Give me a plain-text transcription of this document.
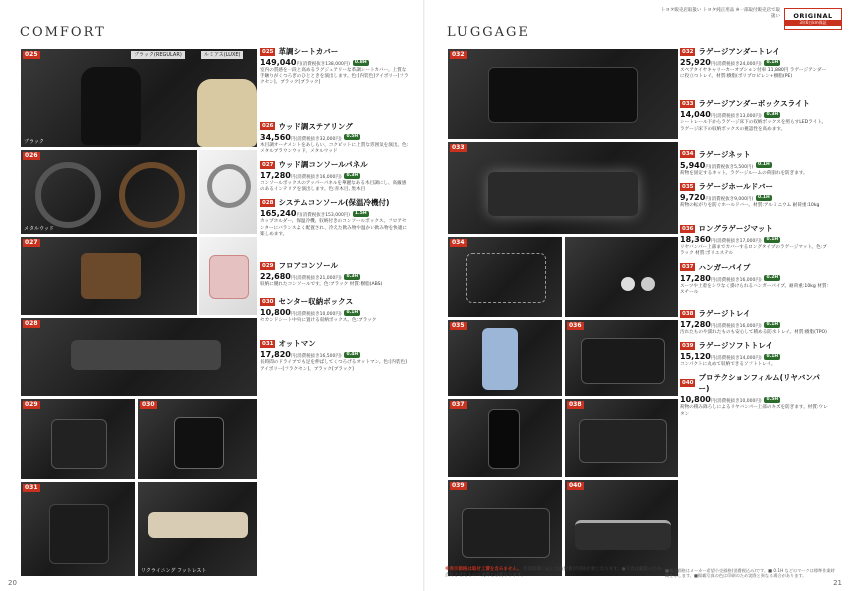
COMFORT
025	ブラック(REGULAR)	ルミアス(LUXE)
ブラック
026
メタルウッド
027
028
029	030
031
リクライニング フットレスト
025 革調シートカバー
149,040円(消費税抜き138,000円) 0.8H
室内の質感を一段と高めるラグジュアリーな革調シートカバー。上質な手触りがくつろぎのひとときを演出します。色:[内装色]アイボリー[フラクセン]、ブラック[ブラック]
026 ウッド調ステアリング
34,560円(消費税抜き32,000円) 0.5H
木目調オーナメントをあしらい、コクピットに上質な雰囲気を演出。色:メタルブラウンウッド、メタルウッド
027 ウッド調コンソールパネル
17,280円(消費税抜き16,000円) 0.3H
コンソールボックスのアッパーパネルを華麗なある木目調にし、高級感のあるインテリアを演出します。色:赤木目, 黒木目
028 システムコンソール(保温冷機付)
165,240円(消費税抜き153,000円) 1.5H
カップホルダー、保温冷機、収納付きのコンソールボックス。フロアセンターにバランスよく配置され、冷えた飲み物や温かい飲み物を快適に楽しめます。
029 フロアコンソール
22,680円(消費税抜き21,000円) 0.3H
収納に優れたコンソールです。色:ブラック 材質:樹脂(ABS)
030 センター収納ボックス
10,800円(消費税抜き10,000円) 0.1H
セカンドシート中央に置ける収納ボックス。色:ブラック
031 オットマン
17,820円(消費税抜き16,500円) 0.4H
長時間のドライブでも足を伸ばしてくつろげるオットマン。色:[内装色]アイボリー[フラクセン]、ブラック[ブラック]
20
LUGGAGE
トヨタ販売店取扱い トヨタ純正用品 ※一部取付販売店で取扱い ORIGINAL
3年6万km保証
032
033
034
035	036
037	038
039	040
032 ラゲージアンダートレイ
25,920円(消費税抜き24,000円) 0.1H
スペアタイヤキャリーカーオプション付車 11,880円 ラゲージアンダーに役立つトレイ。材質:樹脂(ポリプロピレン+樹脂(PE)
033 ラゲージアンダーボックスライト
14,040円(消費税抜き13,000円) 0.3H
シートレール下からラゲージ床下の収納ボックスを照らすLEDライト。ラゲージ床下の収納ボックスの視認性を高めます。
034 ラゲージネット
5,940円(消費税抜き5,500円) 0.1H
荷物を固定するネット。ラゲージルームの荷崩れを防ぎます。
035 ラゲージホールドバー
9,720円(消費税抜き9,000円) 0.1H
荷物の転がりを防ぐホールドバー。材質:アルミニウム 耐荷重:10kg
036 ロングラゲージマット
18,360円(消費税抜き17,000円) 0.1H
リヤバンパー上部までカバーするロングタイプのラゲージマット。色:ブラック 材質:ポリエステル
037 ハンガーパイプ
17,280円(消費税抜き16,000円) 0.2H
スーツや上着をシワなく掛けられるハンガーパイプ。耐荷重:10kg 材質:スチール
038 ラゲージトレイ
17,280円(消費税抜き16,000円) 0.1H
汚れたものや濡れたものも安心して積める防水トレイ。材質:樹脂(TPO)
039 ラゲージソフトトレイ
15,120円(消費税抜き14,000円) 0.1H
コンパクトに丸めて収納できるソフトトレイ。
040
プロテクションフィルム(リヤバンパー)
10,800円(消費税抜き10,000円) 0.5H
荷物の積み降ろしによるリヤバンパー上部のキズを防ぎます。材質:ウレタン
※表示価格は取付工賃を含みません。 作業時間に応じた取付費が別途必要となります。●写真は撮影のため点灯させたもので実際とは異なります。
■表示価格はメーカー希望小売価格(消費税込み)です。■ 0.1H などのマークは標準作業時間を示します。■掲載写真の色は印刷のため実際と異なる場合があります。
21
